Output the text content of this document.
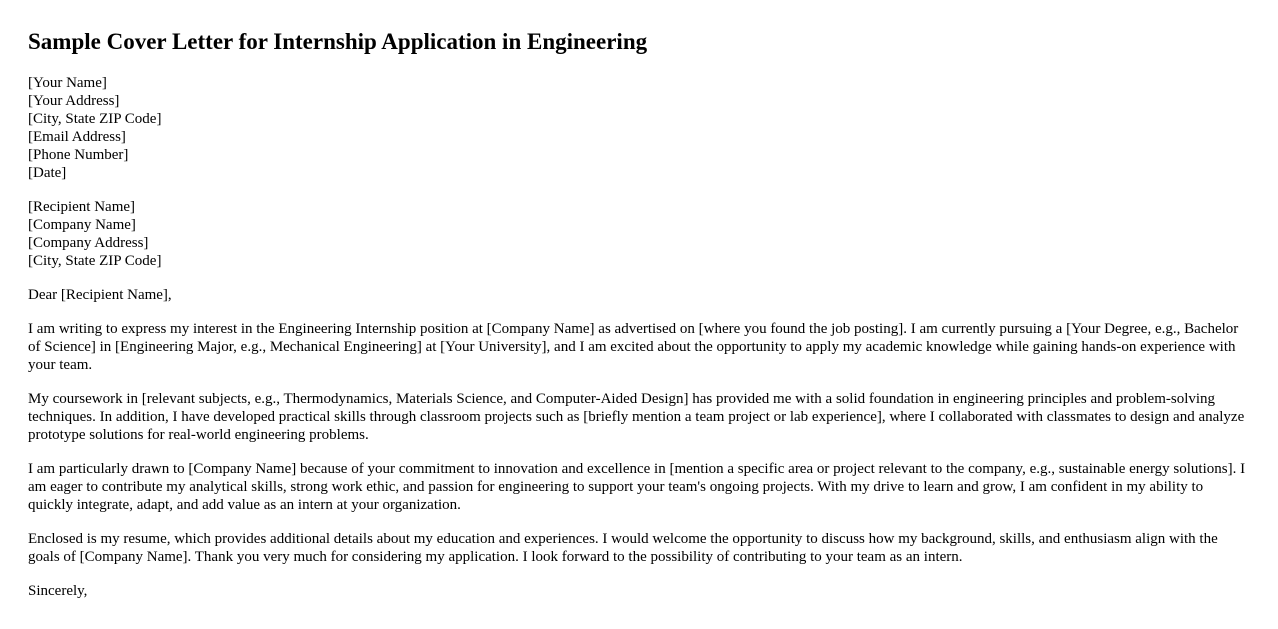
Sample Cover Letter for Internship Application in Engineering
[Your Name]
[Your Address]
[City, State ZIP Code]
[Email Address]
[Phone Number]
[Date]
[Recipient Name]
[Company Name]
[Company Address]
[City, State ZIP Code]

Dear [Recipient Name],

I am writing to express my interest in the Engineering Internship position at [Company Name] as advertised on [where you found the job posting]. I am currently pursuing a [Your Degree, e.g., Bachelor of Science] in [Engineering Major, e.g., Mechanical Engineering] at [Your University], and I am excited about the opportunity to apply my academic knowledge while gaining hands-on experience with your team.

My coursework in [relevant subjects, e.g., Thermodynamics, Materials Science, and Computer-Aided Design] has provided me with a solid foundation in engineering principles and problem-solving techniques. In addition, I have developed practical skills through classroom projects such as [briefly mention a team project or lab experience], where I collaborated with classmates to design and analyze prototype solutions for real-world engineering problems.

I am particularly drawn to [Company Name] because of your commitment to innovation and excellence in [mention a specific area or project relevant to the company, e.g., sustainable energy solutions]. I am eager to contribute my analytical skills, strong work ethic, and passion for engineering to support your team's ongoing projects. With my drive to learn and grow, I am confident in my ability to quickly integrate, adapt, and add value as an intern at your organization.

Enclosed is my resume, which provides additional details about my education and experiences. I would welcome the opportunity to discuss how my background, skills, and enthusiasm align with the goals of [Company Name]. Thank you very much for considering my application. I look forward to the possibility of contributing to your team as an intern.

Sincerely,
